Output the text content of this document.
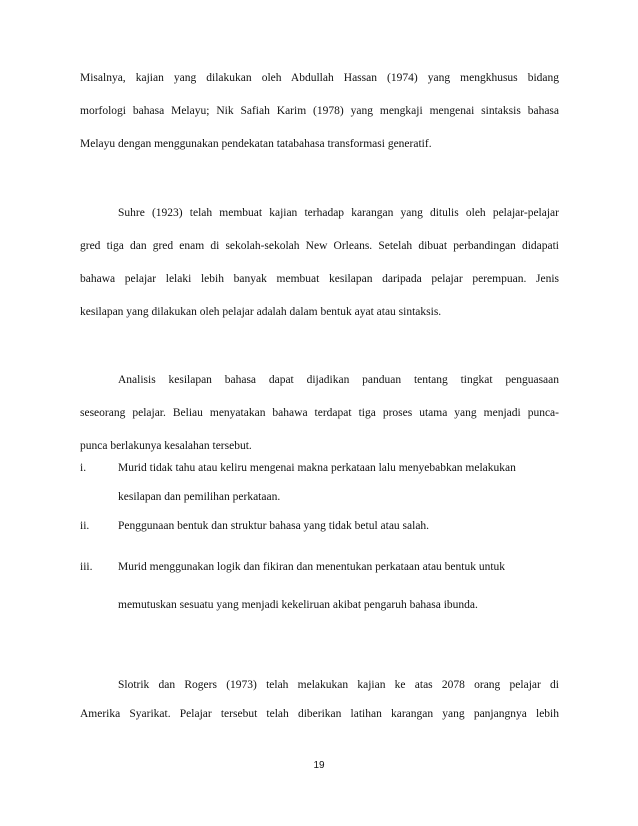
Misalnya, kajian yang dilakukan oleh Abdullah Hassan (1974) yang mengkhusus bidang
morfologi bahasa Melayu; Nik Safiah Karim (1978) yang mengkaji mengenai sintaksis bahasa
Melayu dengan menggunakan pendekatan tatabahasa transformasi generatif.
Suhre (1923) telah membuat kajian terhadap karangan yang ditulis oleh pelajar-pelajar
gred tiga dan gred enam di sekolah-sekolah New Orleans. Setelah dibuat perbandingan didapati
bahawa pelajar lelaki lebih banyak membuat kesilapan daripada pelajar perempuan. Jenis
kesilapan yang dilakukan oleh pelajar adalah dalam bentuk ayat atau sintaksis.
Analisis kesilapan bahasa dapat dijadikan panduan tentang tingkat penguasaan
seseorang pelajar. Beliau menyatakan bahawa terdapat tiga proses utama yang menjadi punca-
punca berlakunya kesalahan tersebut.
i.	Murid tidak tahu atau keliru mengenai makna perkataan lalu menyebabkan melakukan
kesilapan dan pemilihan perkataan.
ii. Penggunaan bentuk dan struktur bahasa yang tidak betul atau salah.
iii. Murid menggunakan logik dan fikiran dan menentukan perkataan atau bentuk untuk
memutuskan sesuatu yang menjadi kekeliruan akibat pengaruh bahasa ibunda.
Slotrik dan Rogers (1973) telah melakukan kajian ke atas 2078 orang pelajar di
Amerika Syarikat. Pelajar tersebut telah diberikan latihan karangan yang panjangnya lebih
19
